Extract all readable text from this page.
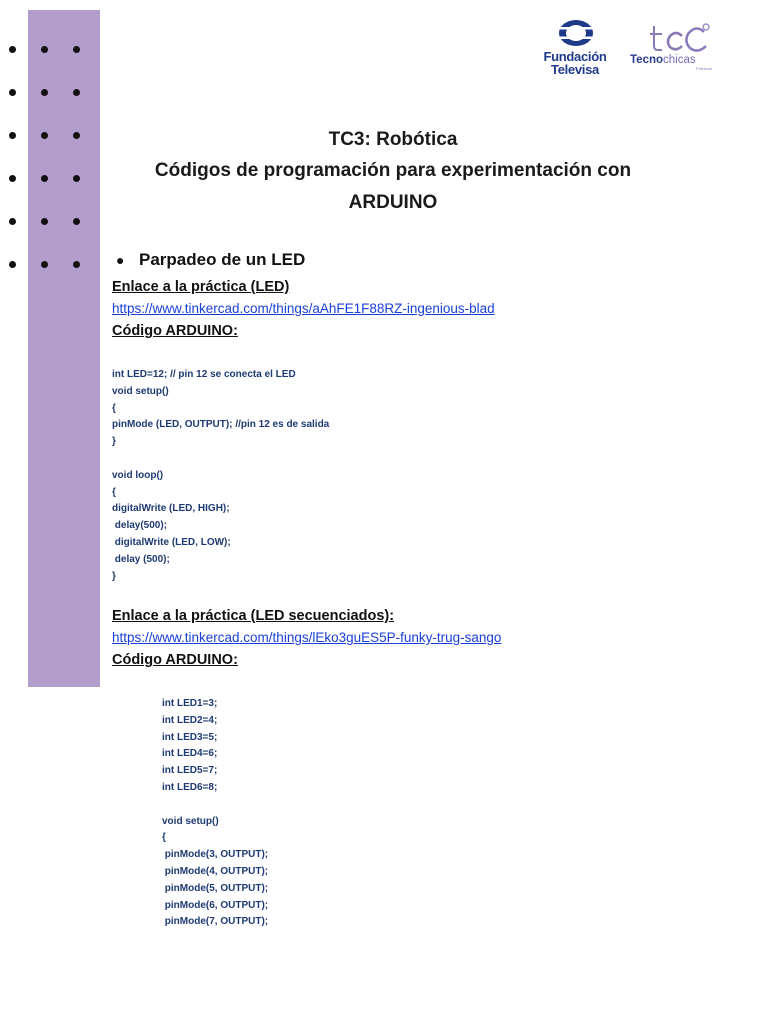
Fundación
Televisa
Tecnochicas
Fideicom
TC3: Robótica
Códigos de programación para experimentación con
ARDUINO
● Parpadeo de un LED
Enlace a la práctica (LED)
https://www.tinkercad.com/things/aAhFE1F88RZ-ingenious-blad
Código ARDUINO:
int LED=12; // pin 12 se conecta el LED
void setup()
{
pinMode (LED, OUTPUT); //pin 12 es de salida
}
void loop()
{
digitalWrite (LED, HIGH);
delay(500);
digitalWrite (LED, LOW);
delay (500);
}
Enlace a la práctica (LED secuenciados):
https://www.tinkercad.com/things/lEko3guES5P-funky-trug-sango
Código ARDUINO:
int LED1=3;
int LED2=4;
int LED3=5;
int LED4=6;
int LED5=7;
int LED6=8;
void setup()
{
pinMode(3, OUTPUT);
pinMode(4, OUTPUT);
pinMode(5, OUTPUT);
pinMode(6, OUTPUT);
pinMode(7, OUTPUT);
